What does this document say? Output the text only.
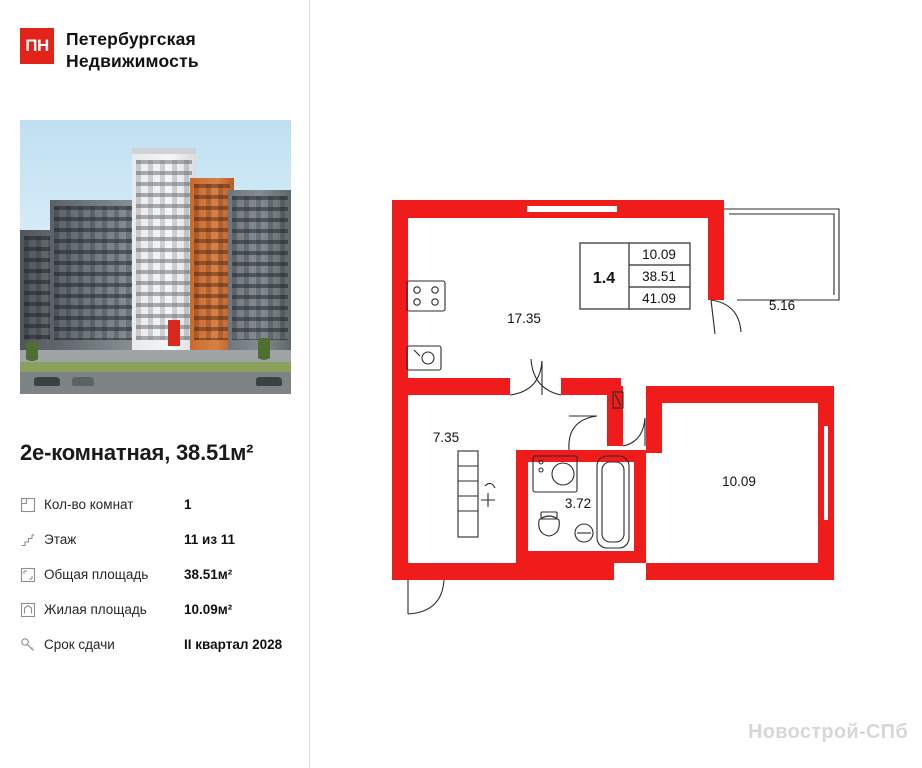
ПН Петербургская
Недвижимость
2е-комнатная, 38.51м²
Кол-во комнат	1
Этаж	11 из 11
Общая площадь	38.51м²
Жилая площадь	10.09м²
Срок сдачи	II квартал 2028
1.4
10.09
38.51
41.09
17.35
7.35
3.72
10.09
5.16
Новострой-СПб
